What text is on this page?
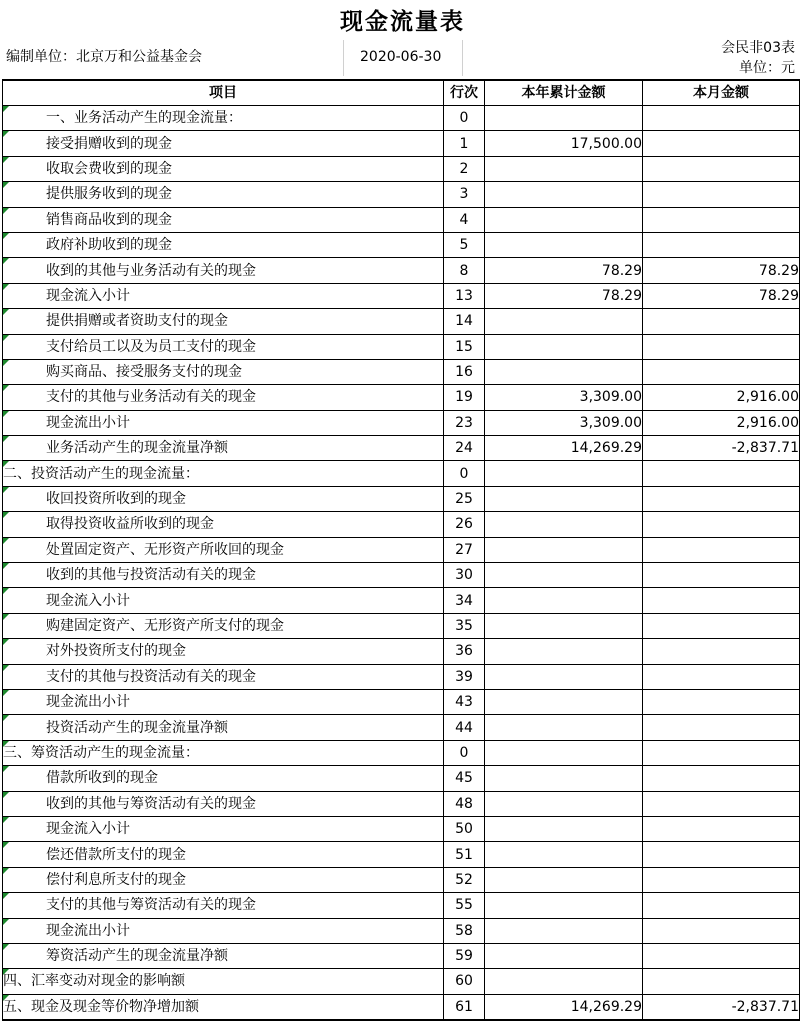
现金流量表
编制单位：北京万和公益基金会	2020-06-30
会民非03表
单位：元
项目	行次	本年累计金额	本月金额
一、业务活动产生的现金流量：	0		
接受捐赠收到的现金	1	17,500.00	
收取会费收到的现金	2		
提供服务收到的现金	3		
销售商品收到的现金	4		
政府补助收到的现金	5		
收到的其他与业务活动有关的现金	8	78.29	78.29
现金流入小计	13	78.29	78.29
提供捐赠或者资助支付的现金	14		
支付给员工以及为员工支付的现金	15		
购买商品、接受服务支付的现金	16		
支付的其他与业务活动有关的现金	19	3,309.00	2,916.00
现金流出小计	23	3,309.00	2,916.00
业务活动产生的现金流量净额	24	14,269.29	-2,837.71
二、投资活动产生的现金流量：	0		
收回投资所收到的现金	25		
取得投资收益所收到的现金	26		
处置固定资产、无形资产所收回的现金	27		
收到的其他与投资活动有关的现金	30		
现金流入小计	34		
购建固定资产、无形资产所支付的现金	35		
对外投资所支付的现金	36		
支付的其他与投资活动有关的现金	39		
现金流出小计	43		
投资活动产生的现金流量净额	44		
三、筹资活动产生的现金流量：	0		
借款所收到的现金	45		
收到的其他与筹资活动有关的现金	48		
现金流入小计	50		
偿还借款所支付的现金	51		
偿付利息所支付的现金	52		
支付的其他与筹资活动有关的现金	55		
现金流出小计	58		
筹资活动产生的现金流量净额	59		
四、汇率变动对现金的影响额	60		
五、现金及现金等价物净增加额	61	14,269.29	-2,837.71
